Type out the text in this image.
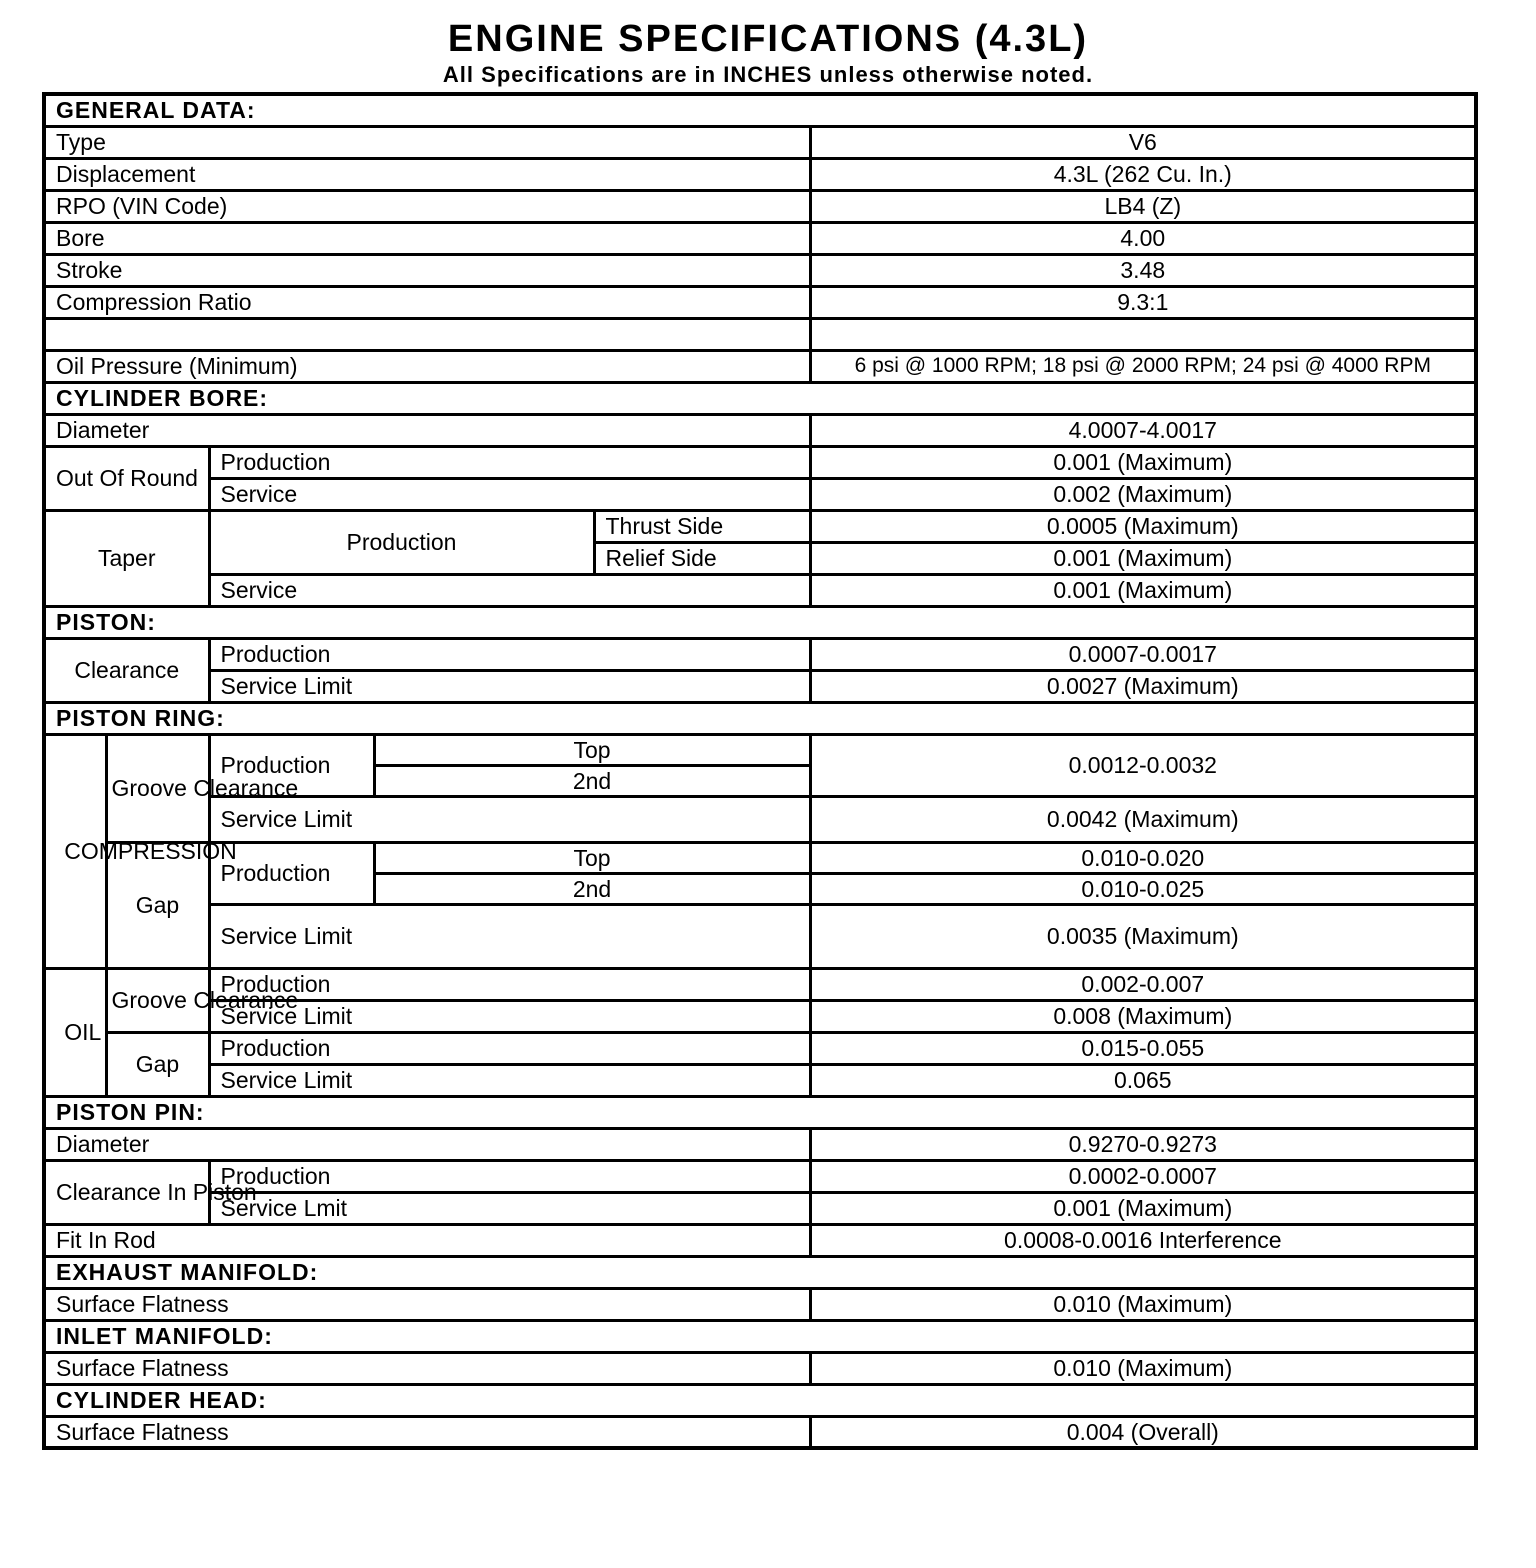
ENGINE SPECIFICATIONS (4.3L)
All Specifications are in INCHES unless otherwise noted.
GENERAL DATA:					
Type					V6
Displacement					4.3L (262 Cu. In.)
RPO (VIN Code)					LB4 (Z)
Bore					4.00
Stroke					3.48
Compression Ratio					9.3:1

Oil Pressure (Minimum)					6 psi @ 1000 RPM; 18 psi @ 2000 RPM; 24 psi @ 4000 RPM
CYLINDER BORE:					
Diameter					4.0007-4.0017
Out Of Round		Production			0.001 (Maximum)
		Service			0.002 (Maximum)
Taper		Production		Thrust Side	0.0005 (Maximum)
				Relief Side	0.001 (Maximum)
		Service			0.001 (Maximum)
PISTON:					
Clearance		Production			0.0007-0.0017
		Service Limit			0.0027 (Maximum)
PISTON RING:					

COMPRESSION	Groove Clearance	Production	Top		0.0012-0.0032
			2nd		
		Service Limit			0.0042 (Maximum)
	Gap	Production	Top		0.010-0.020
			2nd		0.010-0.025
		Service Limit			0.0035 (Maximum)

OIL	Groove Clearance	Production			0.002-0.007
		Service Limit			0.008 (Maximum)
	Gap	Production			0.015-0.055
		Service Limit			0.065
PISTON PIN:					
Diameter					0.9270-0.9273
Clearance In Piston		Production			0.0002-0.0007
		Service Lmit			0.001 (Maximum)
Fit In Rod					0.0008-0.0016 Interference
EXHAUST MANIFOLD:					
Surface Flatness					0.010 (Maximum)
INLET MANIFOLD:					
Surface Flatness					0.010 (Maximum)
CYLINDER HEAD:					
Surface Flatness					0.004 (Overall)
